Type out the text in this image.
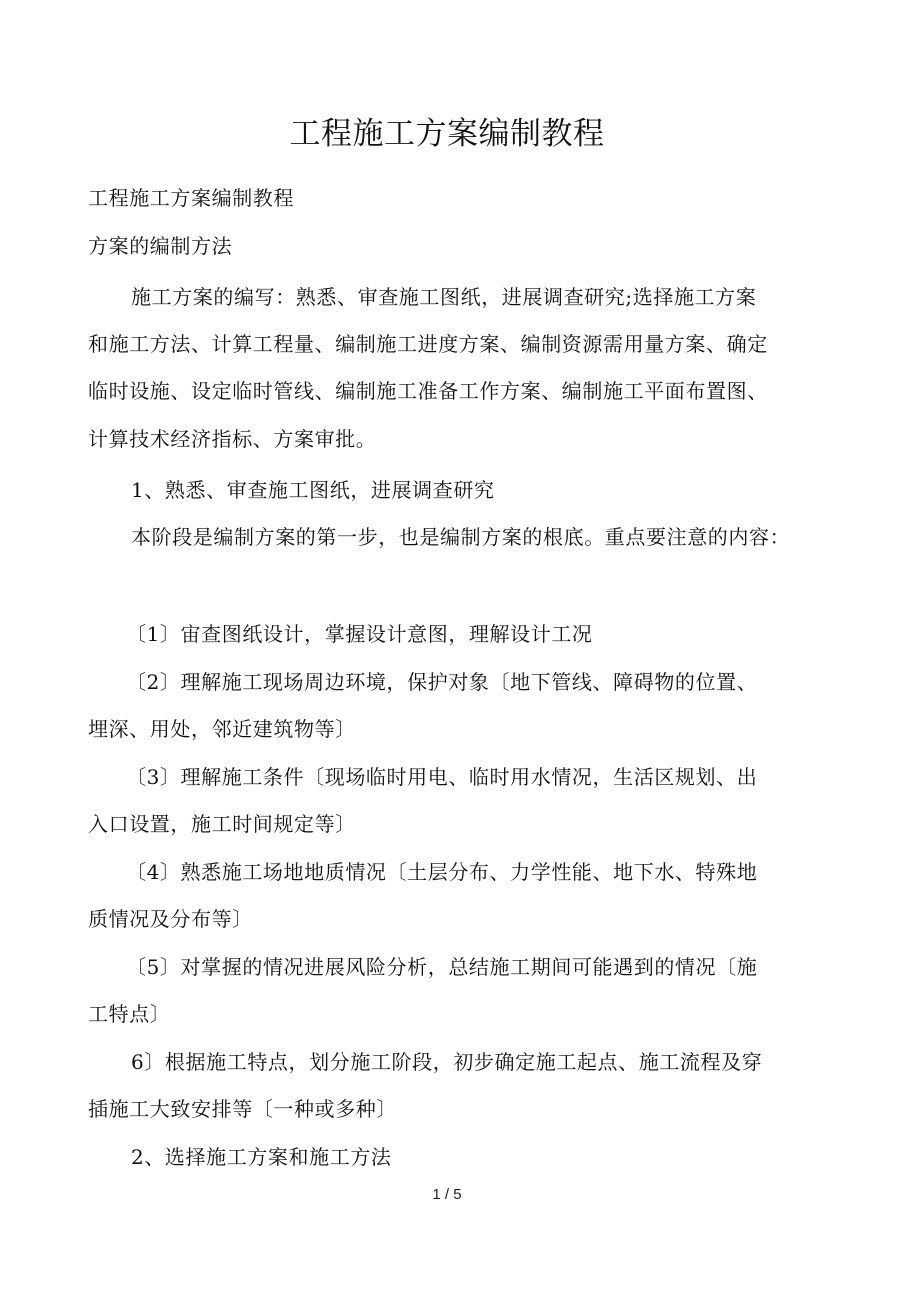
工程施工方案编制教程
工程施工方案编制教程
方案的编制方法
施工方案的编写：熟悉、审查施工图纸，进展调查研究;选择施工方案
和施工方法、计算工程量、编制施工进度方案、编制资源需用量方案、确定
临时设施、设定临时管线、编制施工准备工作方案、编制施工平面布置图、
计算技术经济指标、方案审批。
1、熟悉、审查施工图纸，进展调查研究
本阶段是编制方案的第一步，也是编制方案的根底。重点要注意的内容：
〔1〕宙查图纸设计，掌握设计意图，理解设计工况
〔2〕理解施工现场周边环境，保护对象〔地下管线、障碍物的位置、
埋深、用处，邻近建筑物等〕
〔3〕理解施工条件〔现场临时用电、临时用水情况，生活区规划、出
入口设置，施工时间规定等〕
〔4〕熟悉施工场地地质情况〔土层分布、力学性能、地下水、特殊地
质情况及分布等〕
〔5〕对掌握的情况进展风险分析，总结施工期间可能遇到的情况〔施
工特点〕
6〕根据施工特点，划分施工阶段，初步确定施工起点、施工流程及穿
插施工大致安排等〔一种或多种〕
2、选择施工方案和施工方法
1 / 5
